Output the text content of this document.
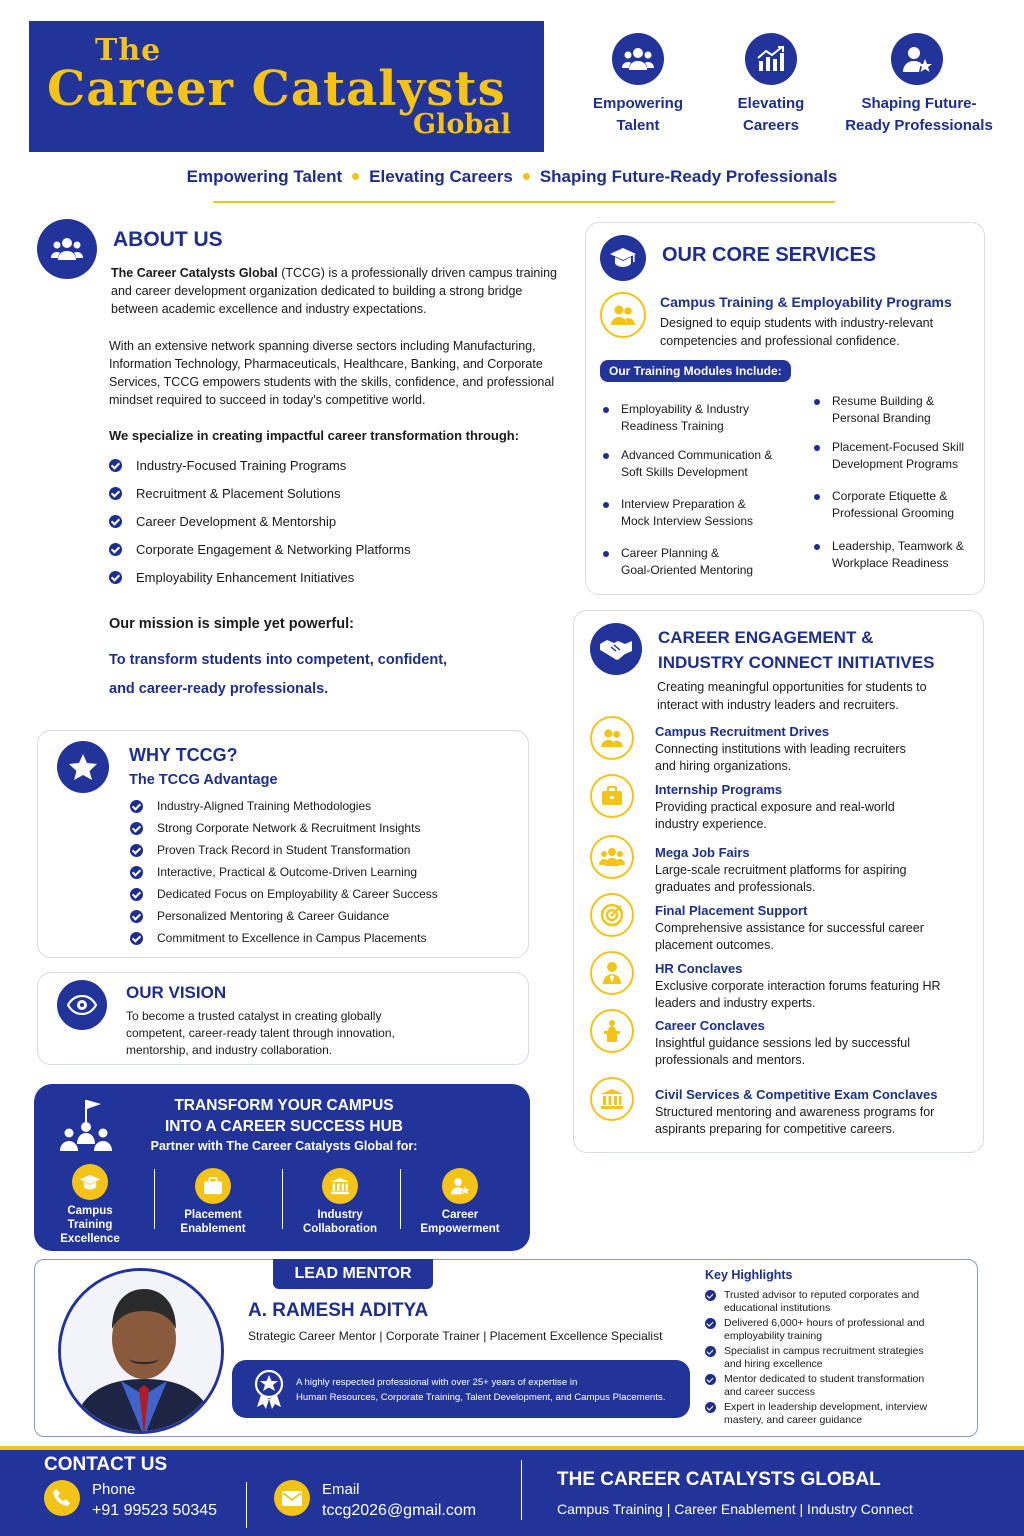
The
Career Catalysts
Global
Empowering
Talent
Elevating
Careers
Shaping Future-
Ready Professionals
Empowering Talent Elevating Careers Shaping Future-Ready Professionals
ABOUT US
The Career Catalysts Global (TCCG) is a professionally driven campus training and career development organization dedicated to building a strong bridge between academic excellence and industry expectations.
With an extensive network spanning diverse sectors including Manufacturing, Information Technology, Pharmaceuticals, Healthcare, Banking, and Corporate Services, TCCG empowers students with the skills, confidence, and professional mindset required to succeed in today's competitive world.
We specialize in creating impactful career transformation through:
Industry-Focused Training Programs
Recruitment & Placement Solutions
Career Development & Mentorship
Corporate Engagement & Networking Platforms
Employability Enhancement Initiatives
Our mission is simple yet powerful:
To transform students into competent, confident,
and career-ready professionals.
OUR CORE SERVICES
Campus Training & Employability Programs
Designed to equip students with industry-relevant competencies and professional confidence.
Our Training Modules Include:
Employability & Industry
Readiness Training
Advanced Communication &
Soft Skills Development
Interview Preparation &
Mock Interview Sessions
Career Planning &
Goal-Oriented Mentoring
Resume Building &
Personal Branding
Placement-Focused Skill
Development Programs
Corporate Etiquette &
Professional Grooming
Leadership, Teamwork &
Workplace Readiness
CAREER ENGAGEMENT &
INDUSTRY CONNECT INITIATIVES
Creating meaningful opportunities for students to interact with industry leaders and recruiters.
Campus Recruitment Drives
Connecting institutions with leading recruiters and hiring organizations.
Internship Programs
Providing practical exposure and real-world industry experience.
Mega Job Fairs
Large-scale recruitment platforms for aspiring graduates and professionals.
Final Placement Support
Comprehensive assistance for successful career placement outcomes.
HR Conclaves
Exclusive corporate interaction forums featuring HR leaders and industry experts.
Career Conclaves
Insightful guidance sessions led by successful professionals and mentors.
Civil Services & Competitive Exam Conclaves
Structured mentoring and awareness programs for aspirants preparing for competitive careers.
WHY TCCG?
The TCCG Advantage
Industry-Aligned Training Methodologies
Strong Corporate Network & Recruitment Insights
Proven Track Record in Student Transformation
Interactive, Practical & Outcome-Driven Learning
Dedicated Focus on Employability & Career Success
Personalized Mentoring & Career Guidance
Commitment to Excellence in Campus Placements
OUR VISION
To become a trusted catalyst in creating globally competent, career-ready talent through innovation, mentorship, and industry collaboration.
TRANSFORM YOUR CAMPUS
INTO A CAREER SUCCESS HUB
Partner with The Career Catalysts Global for:
Campus
Training
Excellence
Placement
Enablement
Industry
Collaboration
Career
Empowerment
LEAD MENTOR
A. RAMESH ADITYA
Strategic Career Mentor | Corporate Trainer | Placement Excellence Specialist
A highly respected professional with over 25+ years of expertise in
Human Resources, Corporate Training, Talent Development, and Campus Placements.
Key Highlights
Trusted advisor to reputed corporates and
educational institutions
Delivered 6,000+ hours of professional and
employability training
Specialist in campus recruitment strategies
and hiring excellence
Mentor dedicated to student transformation
and career success
Expert in leadership development, interview
mastery, and career guidance
CONTACT US
Phone
+91 99523 50345
Email
tccg2026@gmail.com
THE CAREER CATALYSTS GLOBAL
Campus Training | Career Enablement | Industry Connect
